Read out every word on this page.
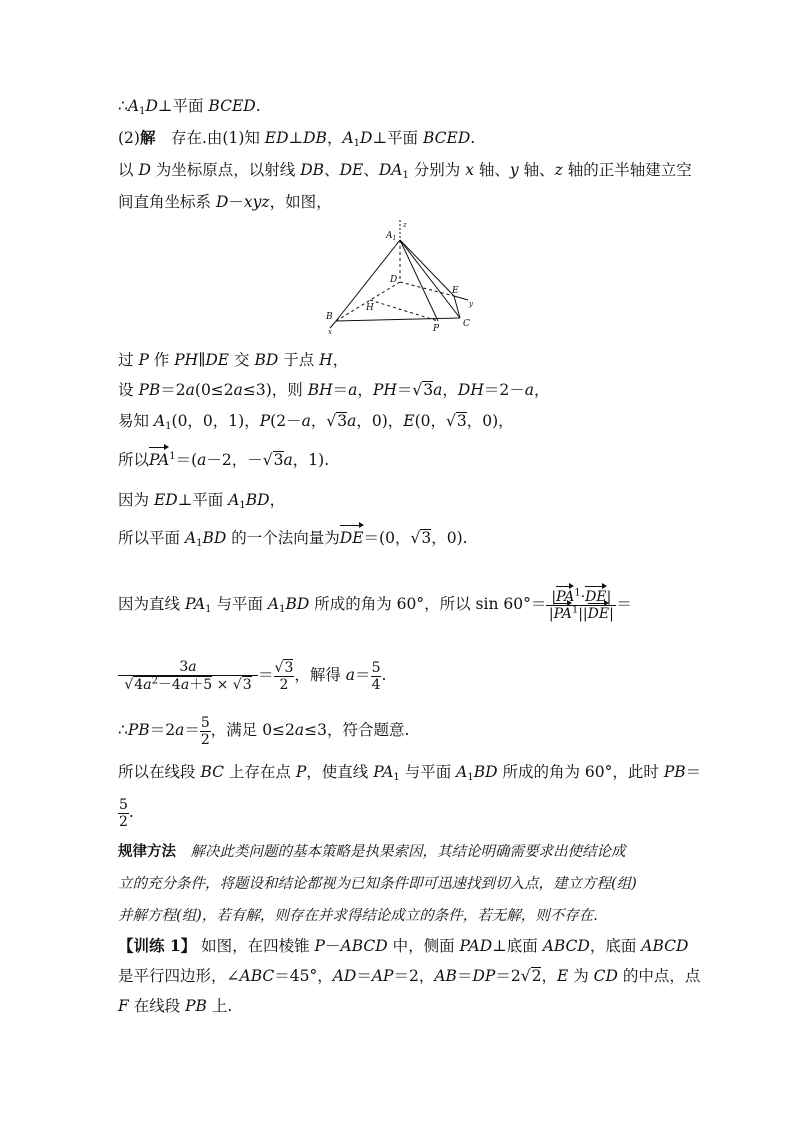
$\therefore A_1D\perp$平面 BCED.
(2)解　存在.由(1)知 ED⊥DB，$A_1D\perp$平面 BCED.
以 D 为坐标原点，以射线 DB、DE、$DA_1$ 分别为 x 轴、y 轴、z 轴的正半轴建立空
间直角坐标系 D－xyz，如图，
$A_1$
z
D
E
y
H
B
x	P	C
过 P 作 PH∥DE 交 BD 于点 H，
设 PB＝2a(0≤2a≤3)，则 BH＝a，PH＝√3a，DH＝2－a，
易知 $A_1(0$，0，1)，P(2－a，√3a，0)，E(0，√3，0)，
所以$PA^1=(a-2$，－√3a，1).
因为 ED⊥平面 $A_1BD$，
所以平面 $A_1BD$ 的一个法向量为DE＝(0，√3，0).
因为直线 $PA_1$ 与平面 $A_1BD$ 所成的角为 60°，所以 $\sin 60^\circ= \frac{|PA^1\cdot DE|}{|PA^1||DE|}$ ＝
$\frac{3a}{√4a^2-4a+5 \times √3} = \frac{√3}{2}$ ，解得 $a= \frac{5}{4}$ .
∴PB＝2a＝ $\frac{5}{2}$ ，满足 0≤2a≤3，符合题意.
所以在线段 BC 上存在点 P，使直线 $PA_1$ 与平面 $A_1BD$ 所成的角为 60°，此时 PB＝
$\frac{5}{2}$ .
规律方法　 解决此类问题的基本策略是执果索因，其结论明确需要求出使结论成
立的充分条件，将题设和结论都视为已知条件即可迅速找到切入点，建立方程(组)
并解方程(组)，若有解，则存在并求得结论成立的条件，若无解，则不存在.
【训练 1】 如图，在四棱锥 P－ABCD 中，侧面 PAD⊥底面 ABCD，底面 ABCD
是平行四边形，∠ABC＝45°，AD＝AP＝2，AB＝DP＝2√2，E 为 CD 的中点，点
F 在线段 PB 上.
